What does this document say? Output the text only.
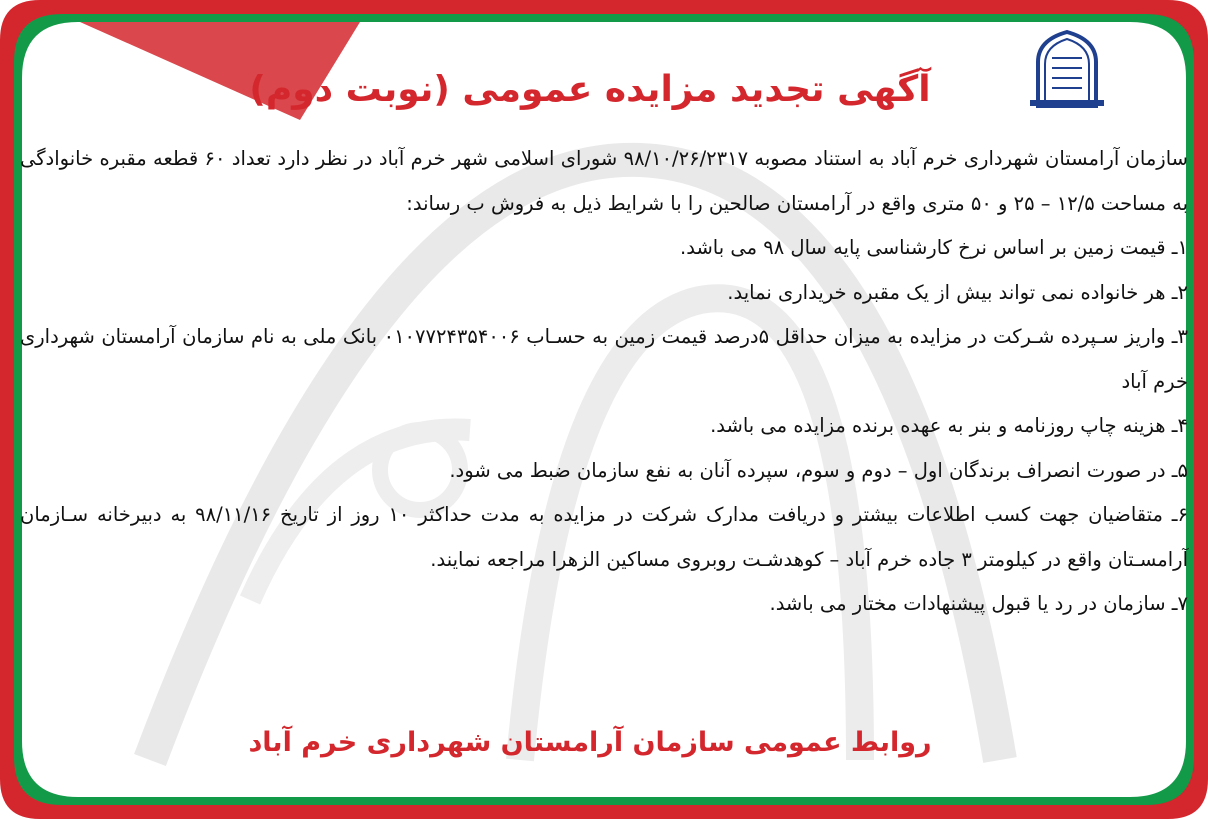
آگهی تجدید مزایده عمومی (نوبت دوم)

سازمان آرامستان شهرداری خرم آباد به استناد مصوبه ۹۸/۱۰/۲۶/۲۳۱۷ شورای اسلامی شهر خرم آباد در نظر دارد تعداد ۶۰ قطعه مقبره خانوادگی به مساحت ۱۲/۵ – ۲۵ و ۵۰ متری واقع در آرامستان صالحین را با شرایط ذیل به فروش ب رساند:

۱ـ قیمت زمین بر اساس نرخ کارشناسی پایه سال ۹۸ می باشد.

۲ـ هر خانواده نمی تواند بیش از یک مقبره خریداری نماید.

۳ـ واریز سـپرده شـرکت در مزایده به میزان حداقل ۵درصد قیمت زمین به حسـاب ۰۱۰۷۷۲۴۳۵۴۰۰۶ بانک ملی به نام سازمان آرامستان شهرداری خرم آباد

۴ـ هزینه چاپ روزنامه و بنر به عهده برنده مزایده می باشد.

۵ـ در صورت انصراف برندگان اول – دوم و سوم، سپرده آنان به نفع سازمان ضبط می شود.

۶ـ متقاضیان جهت کسب اطلاعات بیشتر و دریافت مدارک شرکت در مزایده به مدت حداکثر ۱۰ روز از تاریخ ۹۸/۱۱/۱۶ به دبیرخانه سـازمان آرامسـتان واقع در کیلومتر ۳ جاده خرم آباد – کوهدشـت روبروی مساکین الزهرا مراجعه نمایند.

۷ـ سازمان در رد یا قبول پیشنهادات مختار می باشد.

روابط عمومی سازمان آرامستان شهرداری خرم آباد
